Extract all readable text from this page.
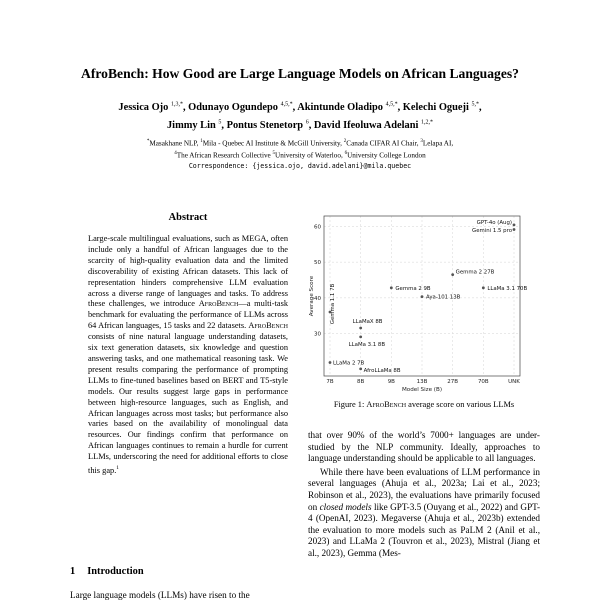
AfroBench: How Good are Large Language Models on African Languages?
Jessica Ojo $^{1,3,*}$, Odunayo Ogundepo $^{4,5,*}$, Akintunde Oladipo $^{4,5,*}$, Kelechi Ogueji $^{5,*}$,
Jimmy Lin $^5$, Pontus Stenetorp $^6$, David Ifeoluwa Adelani $^{1,2,*}$
*Masakhane NLP, $^1$Mila - Quebec AI Institute & McGill University, $^2$Canada CIFAR AI Chair, $^3$Lelapa AI,
$^4$The African Research Collective $^5$University of Waterloo, $^6$University College London
Correspondence: {jessica.ojo, david.adelani}@mila.quebec
Abstract
Large-scale multilingual evaluations, such as MEGA, often include only a handful of African languages due to the scarcity of high-quality evaluation data and the limited discoverability of existing African datasets. This lack of representation hinders comprehensive LLM evaluation across a diverse range of languages and tasks. To address these challenges, we introduce AfroBench—a multi-task benchmark for evaluating the performance of LLMs across 64 African languages, 15 tasks and 22 datasets. AfroBench consists of nine natural language understanding datasets, six text generation datasets, six knowledge and question answering tasks, and one mathematical reasoning task. We present results comparing the performance of prompting LLMs to fine-tuned baselines based on BERT and T5-style models. Our results suggest large gaps in performance between high-resource languages, such as English, and African languages across most tasks; but performance also varies based on the availability of monolingual data resources. Our findings confirm that performance on African languages continues to remain a hurdle for current LLMs, underscoring the need for additional efforts to close this gap.$^1$
1 Introduction
Large language models (LLMs) have risen to the
30
40
50
60
7B	8B	9B	13B	27B	70B	UNK
Model Size (B)
Average Score
GPT-4o (Aug)
Gemini 1.5 pro
Gemma 2 27B
Gemma 2 9B	LLaMa 3.1 70B
Aya-101 13B
Gemma 1.1 7B	LLaMaX 8B
LLaMa 3.1 8B
LLaMa 2 7B
AfroLLaMa 8B
Figure 1: AfroBench average score on various LLMs

that over 90% of the world’s 7000+ languages are under-studied by the NLP community. Ideally, approaches to language understanding should be applicable to all languages.

While there have been evaluations of LLM performance in several languages (Ahuja et al., 2023a; Lai et al., 2023; Robinson et al., 2023), the evaluations have primarily focused on closed models like GPT-3.5 (Ouyang et al., 2022) and GPT-4 (OpenAI, 2023). Megaverse (Ahuja et al., 2023b) extended the evaluation to more models such as PaLM 2 (Anil et al., 2023) and LLaMa 2 (Touvron et al., 2023), Mistral (Jiang et al., 2023), Gemma (Mes-
